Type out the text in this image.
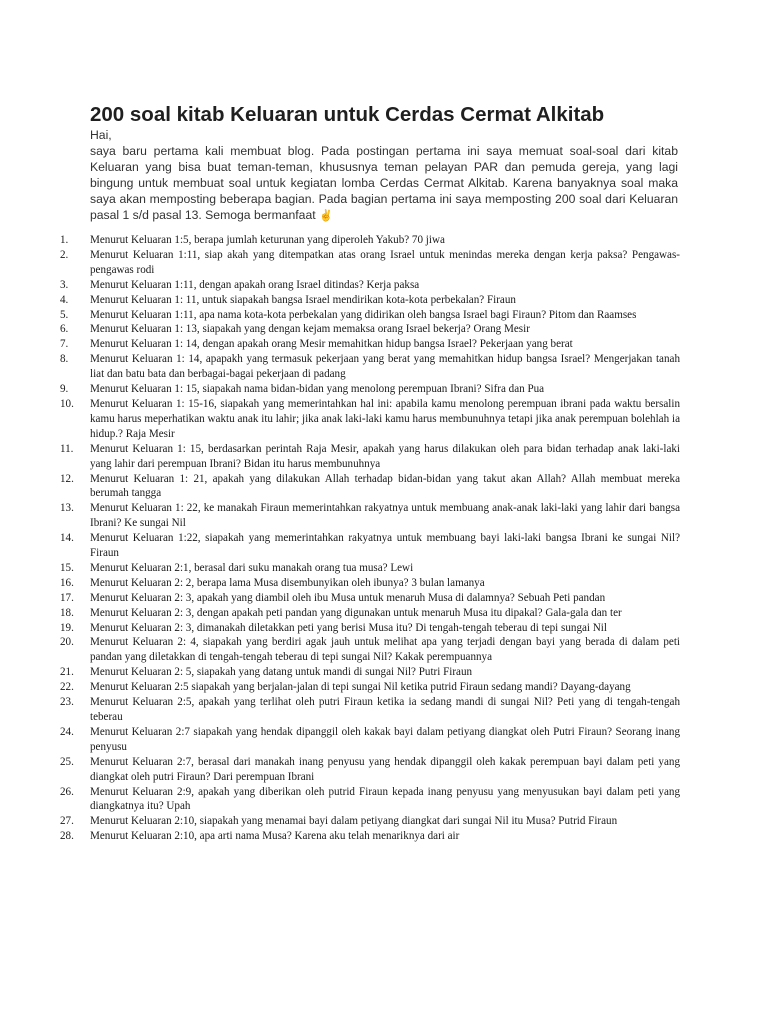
200 soal kitab Keluaran untuk Cerdas Cermat Alkitab

Hai,

saya baru pertama kali membuat blog. Pada postingan pertama ini saya memuat soal-soal dari kitab Keluaran yang bisa buat teman-teman, khususnya teman pelayan PAR dan pemuda gereja, yang lagi bingung untuk membuat soal untuk kegiatan lomba Cerdas Cermat Alkitab. Karena banyaknya soal maka saya akan memposting beberapa bagian. Pada bagian pertama ini saya memposting 200 soal dari Keluaran pasal 1 s/d pasal 13. Semoga bermanfaat ✌

1.	Menurut Keluaran 1:5, berapa jumlah keturunan yang diperoleh Yakub? 70 jiwa
2.	Menurut Keluaran 1:11, siap akah yang ditempatkan atas orang Israel untuk menindas mereka dengan kerja paksa? Pengawas-pengawas rodi
3.	Menurut Keluaran 1:11, dengan apakah orang Israel ditindas? Kerja paksa
4.	Menurut Keluaran 1: 11, untuk siapakah bangsa Israel mendirikan kota-kota perbekalan? Firaun
5.	Menurut Keluaran 1:11, apa nama kota-kota perbekalan yang didirikan oleh bangsa Israel bagi Firaun? Pitom dan Raamses
6.	Menurut Keluaran 1: 13, siapakah yang dengan kejam memaksa orang Israel bekerja? Orang Mesir
7.	Menurut Keluaran 1: 14, dengan apakah orang Mesir memahitkan hidup bangsa Israel? Pekerjaan yang berat
8.	Menurut Keluaran 1: 14, apapakh yang termasuk pekerjaan yang berat yang memahitkan hidup bangsa Israel? Mengerjakan tanah liat dan batu bata dan berbagai-bagai pekerjaan di padang
9.	Menurut Keluaran 1: 15, siapakah nama bidan-bidan yang menolong perempuan Ibrani? Sifra dan Pua
10.	Menurut Keluaran 1: 15-16, siapakah yang memerintahkan hal ini: apabila kamu menolong perempuan ibrani pada waktu bersalin kamu harus meperhatikan waktu anak itu lahir; jika anak laki-laki kamu harus membunuhnya tetapi jika anak perempuan bolehlah ia hidup.? Raja Mesir
11.	Menurut Keluaran 1: 15, berdasarkan perintah Raja Mesir, apakah yang harus dilakukan oleh para bidan terhadap anak laki-laki yang lahir dari perempuan Ibrani? Bidan itu harus membunuhnya
12.	Menurut Keluaran 1: 21, apakah yang dilakukan Allah terhadap bidan-bidan yang takut akan Allah? Allah membuat mereka berumah tangga
13.	Menurut Keluaran 1: 22, ke manakah Firaun memerintahkan rakyatnya untuk membuang anak-anak laki-laki yang lahir dari bangsa Ibrani? Ke sungai Nil
14.	Menurut Keluaran 1:22, siapakah yang memerintahkan rakyatnya untuk membuang bayi laki-laki bangsa Ibrani ke sungai Nil? Firaun
15.	Menurut Keluaran 2:1, berasal dari suku manakah orang tua musa? Lewi
16.	Menurut Keluaran 2: 2, berapa lama Musa disembunyikan oleh ibunya? 3 bulan lamanya
17.	Menurut Keluaran 2: 3, apakah yang diambil oleh ibu Musa untuk menaruh Musa di dalamnya? Sebuah Peti pandan
18.	Menurut Keluaran 2: 3, dengan apakah peti pandan yang digunakan untuk menaruh Musa itu dipakal? Gala-gala dan ter
19.	Menurut Keluaran 2: 3, dimanakah diletakkan peti yang berisi Musa itu? Di tengah-tengah teberau di tepi sungai Nil
20.	Menurut Keluaran 2: 4, siapakah yang berdiri agak jauh untuk melihat apa yang terjadi dengan bayi yang berada di dalam peti pandan yang diletakkan di tengah-tengah teberau di tepi sungai Nil? Kakak perempuannya
21.	Menurut Keluaran 2: 5, siapakah yang datang untuk mandi di sungai Nil? Putri Firaun
22.	Menurut Keluaran 2:5 siapakah yang berjalan-jalan di tepi sungai Nil ketika putrid Firaun sedang mandi? Dayang-dayang
23.	Menurut Keluaran 2:5, apakah yang terlihat oleh putri Firaun ketika ia sedang mandi di sungai Nil? Peti yang di tengah-tengah teberau
24.	Menurut Keluaran 2:7 siapakah yang hendak dipanggil oleh kakak bayi dalam petiyang diangkat oleh Putri Firaun? Seorang inang penyusu
25.	Menurut Keluaran 2:7, berasal dari manakah inang penyusu yang hendak dipanggil oleh kakak perempuan bayi dalam peti yang diangkat oleh putri Firaun? Dari perempuan Ibrani
26.	Menurut Keluaran 2:9, apakah yang diberikan oleh putrid Firaun kepada inang penyusu yang menyusukan bayi dalam peti yang diangkatnya itu? Upah
27.	Menurut Keluaran 2:10, siapakah yang menamai bayi dalam petiyang diangkat dari sungai Nil itu Musa? Putrid Firaun
28.	Menurut Keluaran 2:10, apa arti nama Musa? Karena aku telah menariknya dari air
